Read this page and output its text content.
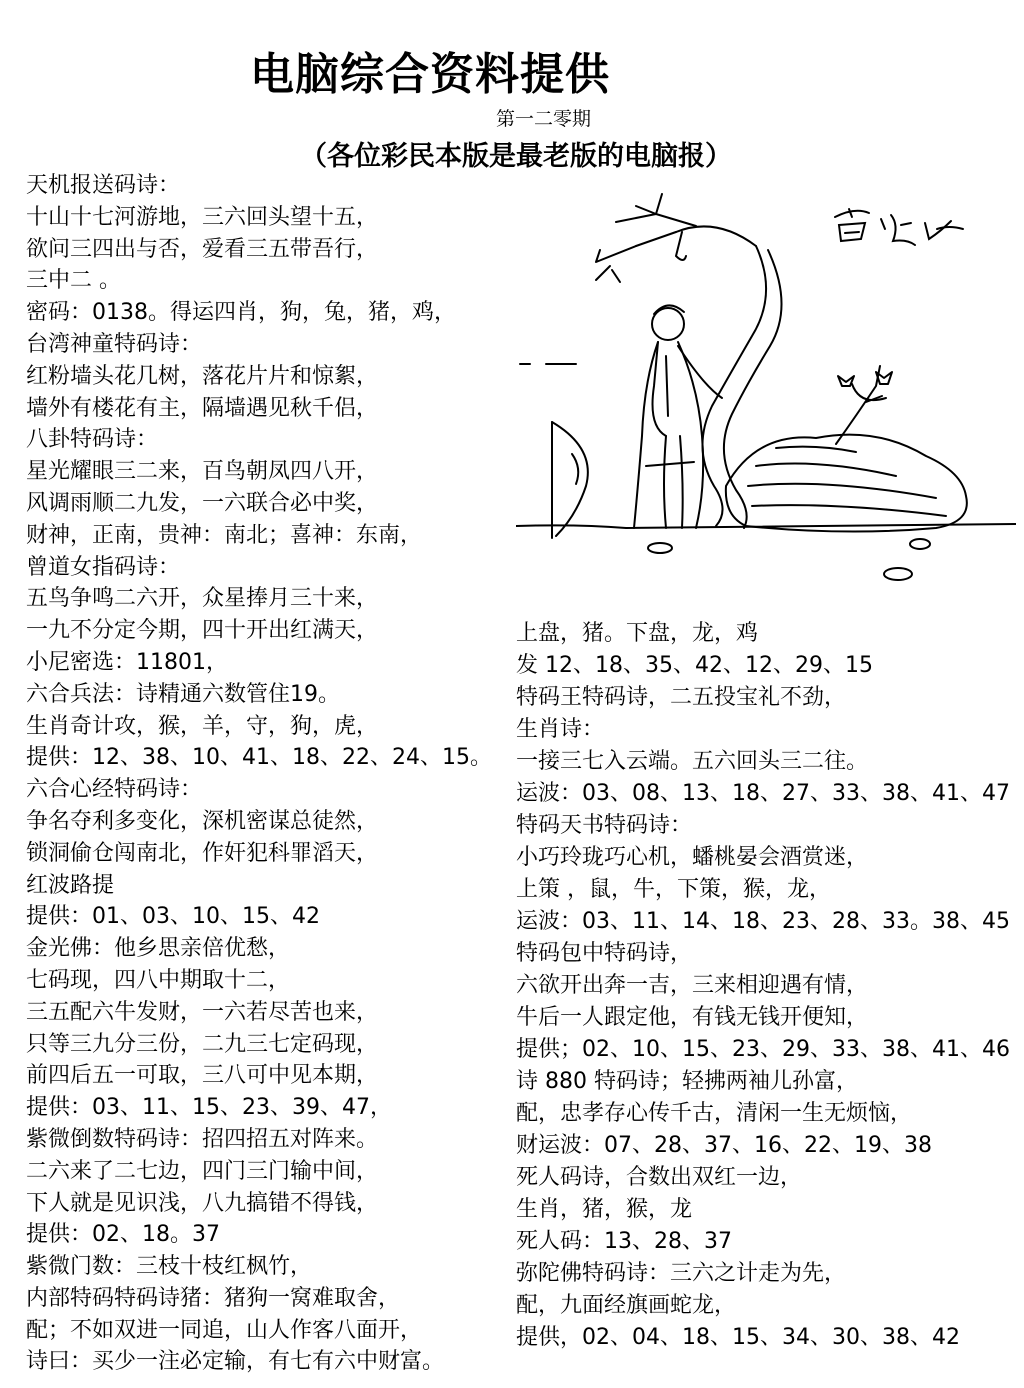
电脑综合资料提供
第一二零期
（各位彩民本版是最老版的电脑报）
天机报送码诗：
十山十七河游地，三六回头望十五，
欲问三四出与否，爱看三五带吾行，
三中二 。
密码：0138。得运四肖，狗，兔，猪，鸡，
台湾神童特码诗：
红粉墙头花几树，落花片片和惊絮，
墙外有楼花有主，隔墙遇见秋千侣，
八卦特码诗：
星光耀眼三二来，百鸟朝凤四八开，
风调雨顺二九发，一六联合必中奖，
财神，正南，贵神：南北；喜神：东南，
曾道女指码诗：
五鸟争鸣二六开，众星捧月三十来，
一九不分定今期，四十开出红满天，
小尼密选：11801，
六合兵法：诗精通六数管住19。
生肖奇计攻，猴，羊，守，狗，虎，
提供：12、38、10、41、18、22、24、15。
六合心经特码诗：
争名夺利多变化，深机密谋总徒然，
锁洞偷仓闯南北，作奸犯科罪滔天，
红波路提
提供：01、03、10、15、42
金光佛：他乡思亲倍优愁，
七码现，四八中期取十二，
三五配六牛发财，一六若尽苦也来，
只等三九分三份，二九三七定码现，
前四后五一可取，三八可中见本期，
提供：03、11、15、23、39、47，
紫微倒数特码诗：招四招五对阵来。
二六来了二七边，四门三门输中间，
下人就是见识浅，八九搞错不得钱，
提供：02、18。37
紫微门数：三枝十枝红枫竹，
内部特码特码诗猪：猪狗一窝难取舍，
配；不如双进一同追，山人作客八面开，
诗曰：买少一注必定输，有七有六中财富。
上盘，猪。下盘，龙，鸡
发 12、18、35、42、12、29、15
特码王特码诗，二五投宝礼不劲，
生肖诗：
一接三七入云端。五六回头三二往。
运波：03、08、13、18、27、33、38、41、47
特码天书特码诗：
小巧玲珑巧心机，蟠桃晏会酒赏迷，
上策 ，鼠，牛，下策，猴，龙，
运波：03、11、14、18、23、28、33。38、45
特码包中特码诗，
六欲开出奔一吉，三来相迎遇有情，
牛后一人跟定他，有钱无钱开便知，
提供；02、10、15、23、29、33、38、41、46
诗 880 特码诗；轻拂两袖儿孙富，
配，忠孝存心传千古，清闲一生无烦恼，
财运波：07、28、37、16、22、19、38
死人码诗，合数出双红一边，
生肖，猪，猴，龙
死人码：13、28、37
弥陀佛特码诗：三六之计走为先，
配，九面经旗画蛇龙，
提供，02、04、18、15、34、30、38、42
